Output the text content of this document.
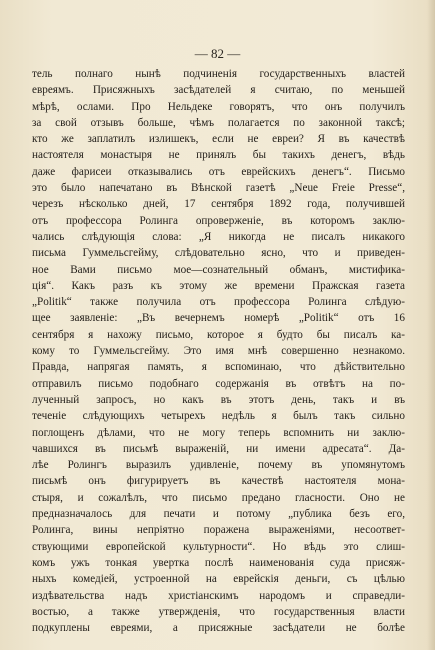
— 82 —
тель полнаго нынѣ подчиненія государственныхъ властей
евреямъ. Присяжныхъ засѣдателей я считаю, по меньшей
мѣрѣ, ослами. Про Нельдеке говорятъ, что онъ получилъ
за свой отзывъ больше, чѣмъ полагается по законной таксѣ;
кто же заплатилъ излишекъ, если не евреи? Я въ качествѣ
настоятеля монастыря не принялъ бы такихъ денегъ, вѣдь
даже фарисеи отказывались отъ еврейскихъ денегъ“. Письмо
это было напечатано въ Вѣнской газетѣ „Neue Freie Presse“,
черезъ нѣсколько дней, 17 сентября 1892 года, получившей
отъ профессора Ролинга опроверженіе, въ которомъ заклю-
чались слѣдующія слова: „Я никогда не писалъ никакого
письма Гуммельсгейму, слѣдовательно ясно, что и приведен-
ное Вами письмо мое—сознательный обманъ, мистифика-
ція“. Какъ разъ къ этому же времени Пражская газета
„Politik“ также получила отъ профессора Ролинга слѣдую-
щее заявленіе: „Въ вечернемъ номерѣ „Politik“ отъ 16
сентября я нахожу письмо, которое я будто бы писалъ ка-
кому то Гуммельсгейму. Это имя мнѣ совершенно незнакомо.
Правда, напрягая память, я вспоминаю, что дѣйствительно
отправилъ письмо подобнаго содержанія въ отвѣтъ на по-
лученный запросъ, но какъ въ этотъ день, такъ и въ
теченіе слѣдующихъ четырехъ недѣль я былъ такъ сильно
поглощенъ дѣлами, что не могу теперь вспомнить ни заклю-
чавшихся въ письмѣ выраженій, ни имени адресата“. Да-
лѣе Ролингъ выразилъ удивленіе, почему въ упомянутомъ
письмѣ онъ фигурируетъ въ качествѣ настоятеля мона-
стыря, и сожалѣлъ, что письмо предано гласности. Оно не
предназначалось для печати и потому „публика безъ его,
Ролинга, вины непріятно поражена выраженіями, несоответ-
ствующими европейской культурности“. Но вѣдь это слиш-
комъ ужъ тонкая увертка послѣ наименованія суда присяж-
ныхъ комедіей, устроенной на еврейскія деньги, съ цѣлью
издѣвательства надъ христіанскимъ народомъ и справедли-
востью, а также утвержденія, что государственныя власти
подкуплены евреями, а присяжные засѣдатели не болѣе
